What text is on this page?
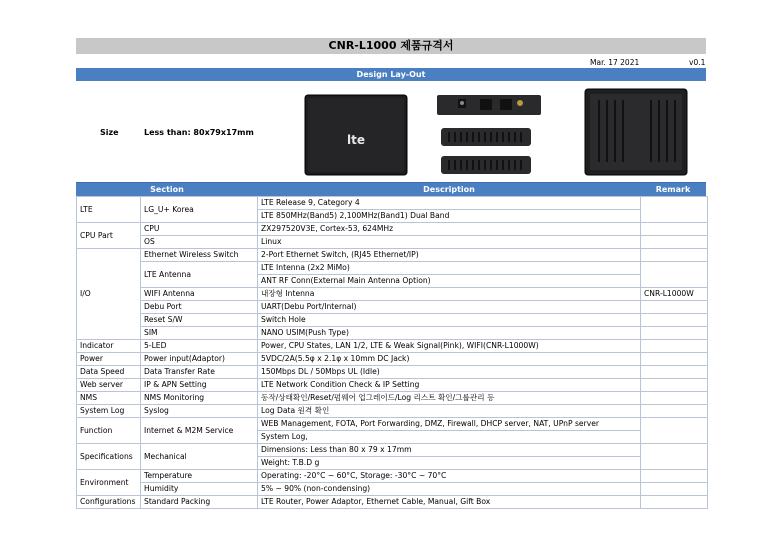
CNR-L1000 제품규격서
Mar. 17 2021	v0.1
Design Lay-Out
Size	Less than: 80x79x17mm
lte
Section	Description	Remark
LTE	LG_U+ Korea	LTE Release 9, Category 4	
		LTE 850MHz(Band5) 2,100MHz(Band1) Dual Band	
CPU Part	CPU	ZX297520V3E, Cortex-53, 624MHz	
	OS	Linux	
I/O	Ethernet Wireless Switch	2-Port Ethernet Switch, (RJ45 Ethernet/IP)	
	LTE Antenna	LTE Intenna (2x2 MiMo)	
		ANT RF Conn(External Main Antenna Option)	
	WIFI Antenna	내장형 Intenna	CNR-L1000W
	Debu Port	UART(Debu Port/Internal)	
	Reset S/W	Switch Hole	
	SIM	NANO USIM(Push Type)	
Indicator	5-LED	Power, CPU States, LAN 1/2, LTE & Weak Signal(Pink), WIFI(CNR-L1000W)	
Power	Power input(Adaptor)	5VDC/2A(5.5φ x 2.1φ x 10mm DC Jack)	
Data Speed	Data Transfer Rate	150Mbps DL / 50Mbps UL (Idle)	
Web server	IP & APN Setting	LTE Network Condition Check & IP Setting	
NMS	NMS Monitoring	동작/상태확인/Reset/펌웨어 업그레이드/Log 리스트 확인/그룹관리 등	
System Log	Syslog	Log Data 원격 확인	
Function	Internet & M2M Service	WEB Management, FOTA, Port Forwarding, DMZ, Firewall, DHCP server, NAT, UPnP server	
		System Log,	
Specifications	Mechanical	Dimensions: Less than 80 x 79 x 17mm	
		Weight: T.B.D g	
Environment	Temperature	Operating: -20°C ~ 60°C, Storage: -30°C ~ 70°C	
	Humidity	5% ~ 90% (non-condensing)	
Configurations	Standard Packing	LTE Router, Power Adaptor, Ethernet Cable, Manual, Gift Box	
